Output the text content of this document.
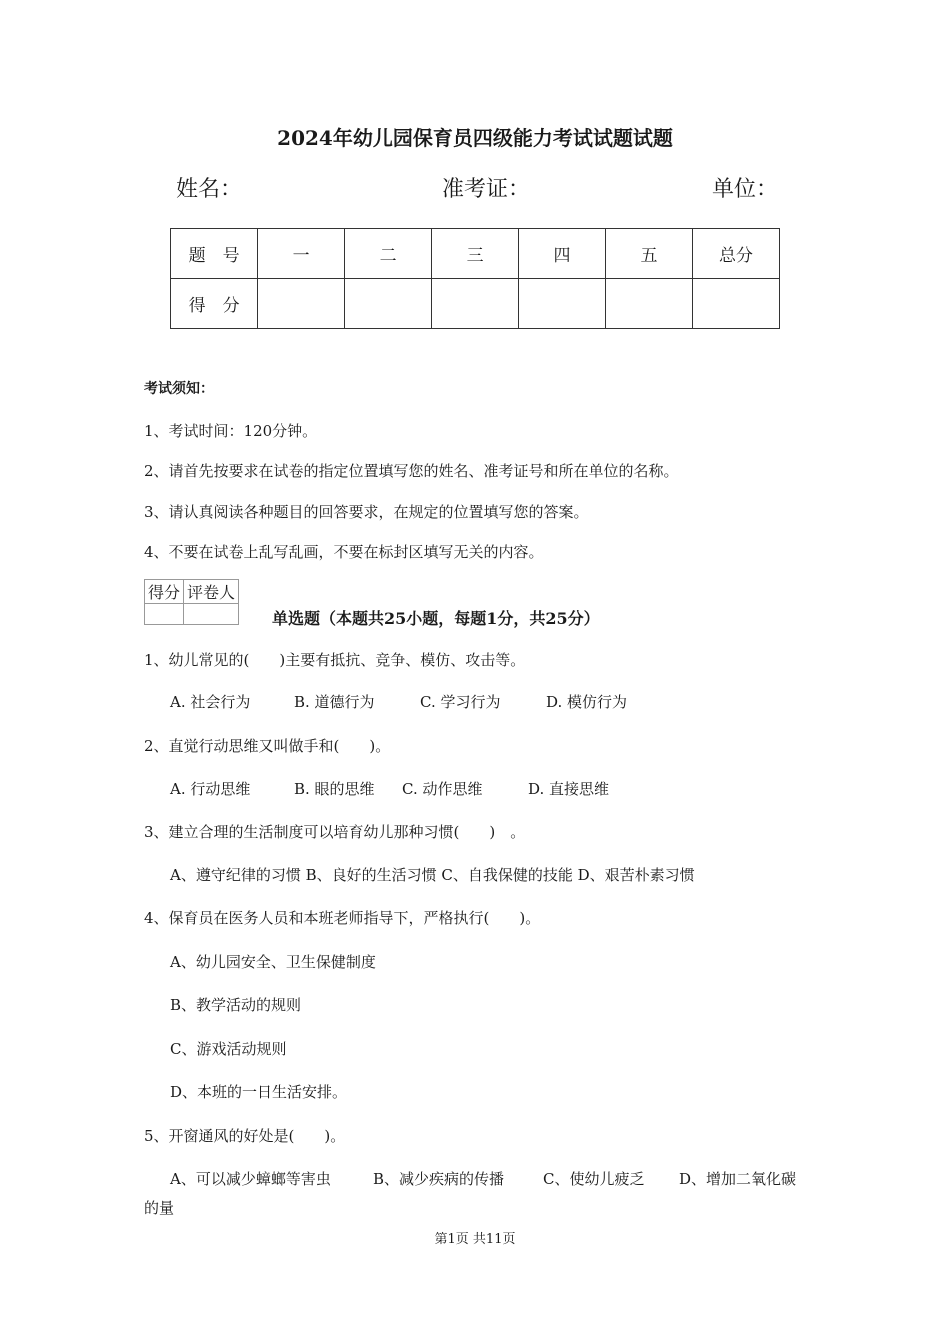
2024年幼儿园保育员四级能力考试试题试题
姓名：	准考证：	单位：
题　号	一	二	三	四	五	总分
得　分						
考试须知：
1、考试时间：120分钟。
2、请首先按要求在试卷的指定位置填写您的姓名、准考证号和所在单位的名称。
3、请认真阅读各种题目的回答要求，在规定的位置填写您的答案。
4、不要在试卷上乱写乱画，不要在标封区填写无关的内容。
得分	评卷人

单选题（本题共25小题，每题1分，共25分）
1、幼儿常见的(　　)主要有抵抗、竞争、模仿、攻击等。
A. 社会行为	B. 道德行为	C. 学习行为	D. 模仿行为
2、直觉行动思维又叫做手和(　　)。
A. 行动思维	B. 眼的思维 C. 动作思维	D. 直接思维
3、建立合理的生活制度可以培育幼儿那种习惯(　　)　。
A、遵守纪律的习惯 B、良好的生活习惯 C、自我保健的技能 D、艰苦朴素习惯
4、保育员在医务人员和本班老师指导下，严格执行(　　)。
A、幼儿园安全、卫生保健制度
B、教学活动的规则
C、游戏活动规则
D、本班的一日生活安排。
5、开窗通风的好处是(　　)。
A、可以减少蟑螂等害虫	B、减少疾病的传播	C、使幼儿疲乏 D、增加二氧化碳
的量
第1页 共11页
